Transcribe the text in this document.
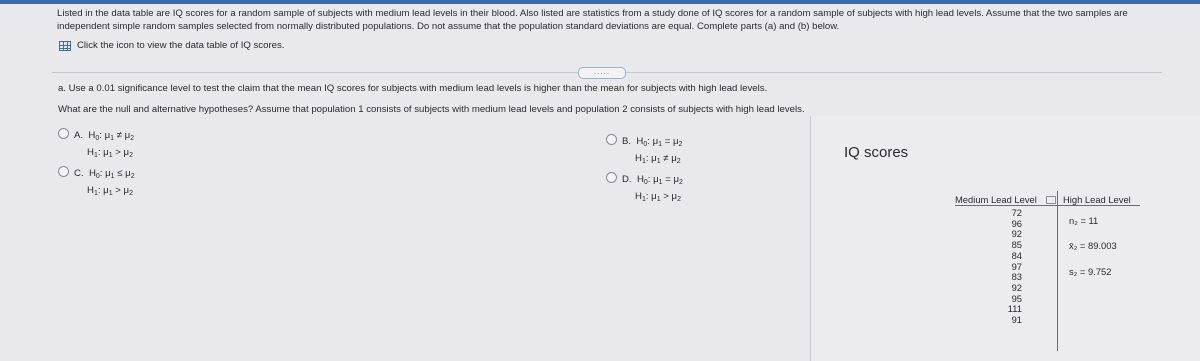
Listed in the data table are IQ scores for a random sample of subjects with medium lead levels in their blood. Also listed are statistics from a study done of IQ scores for a random sample of subjects with high lead levels. Assume that the two samples are independent simple random samples selected from normally distributed populations. Do not assume that the population standard deviations are equal. Complete parts (a) and (b) below.
Click the icon to view the data table of IQ scores.
.....
a. Use a 0.01 significance level to test the claim that the mean IQ scores for subjects with medium lead levels is higher than the mean for subjects with high lead levels.
What are the null and alternative hypotheses? Assume that population 1 consists of subjects with medium lead levels and population 2 consists of subjects with high lead levels.
A. $H_0$: $\mu_1 \ne \mu_2$
$H_1$: $\mu_1 > \mu_2$
B. $H_0$: $\mu_1 = \mu_2$
$H_1$: $\mu_1 \ne \mu_2$
C. $H_0$: $\mu_1 \le \mu_2$
$H_1$: $\mu_1 > \mu_2$
D. $H_0$: $\mu_1 = \mu_2$
$H_1$: $\mu_1 > \mu_2$
IQ scores
Medium Lead Level	High Lead Level
72
96
92
85
84
97
83
92
95
111
91
n₂ = 11
x̄₂ = 89.003
s₂ = 9.752
